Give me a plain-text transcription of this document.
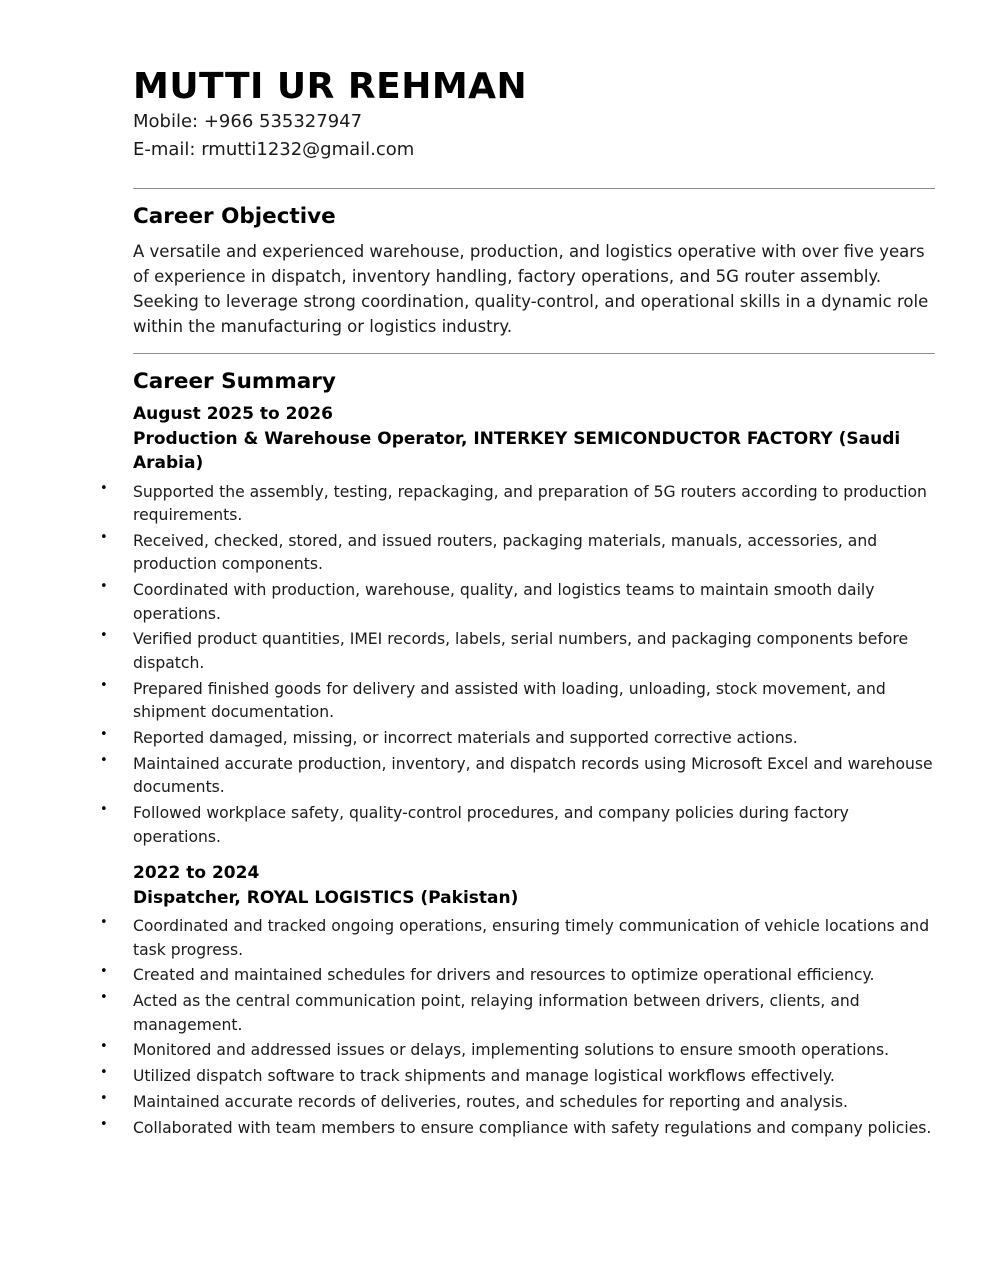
MUTTI UR REHMAN

Mobile: +966 535327947

E-mail: rmutti1232@gmail.com

Career Objective

A versatile and experienced warehouse, production, and logistics operative with over five years of experience in dispatch, inventory handling, factory operations, and 5G router assembly. Seeking to leverage strong coordination, quality-control, and operational skills in a dynamic role within the manufacturing or logistics industry.

Career Summary

August 2025 to 2026

Production & Warehouse Operator, INTERKEY SEMICONDUCTOR FACTORY (Saudi Arabia)

• Supported the assembly, testing, repackaging, and preparation of 5G routers according to production requirements.
• Received, checked, stored, and issued routers, packaging materials, manuals, accessories, and production components.
• Coordinated with production, warehouse, quality, and logistics teams to maintain smooth daily operations.
• Verified product quantities, IMEI records, labels, serial numbers, and packaging components before dispatch.
• Prepared finished goods for delivery and assisted with loading, unloading, stock movement, and shipment documentation.
• Reported damaged, missing, or incorrect materials and supported corrective actions.
• Maintained accurate production, inventory, and dispatch records using Microsoft Excel and warehouse documents.
• Followed workplace safety, quality-control procedures, and company policies during factory operations.

2022 to 2024

Dispatcher, ROYAL LOGISTICS (Pakistan)

• Coordinated and tracked ongoing operations, ensuring timely communication of vehicle locations and task progress.
• Created and maintained schedules for drivers and resources to optimize operational efficiency.
• Acted as the central communication point, relaying information between drivers, clients, and management.
• Monitored and addressed issues or delays, implementing solutions to ensure smooth operations.
• Utilized dispatch software to track shipments and manage logistical workflows effectively.
• Maintained accurate records of deliveries, routes, and schedules for reporting and analysis.
• Collaborated with team members to ensure compliance with safety regulations and company policies.
